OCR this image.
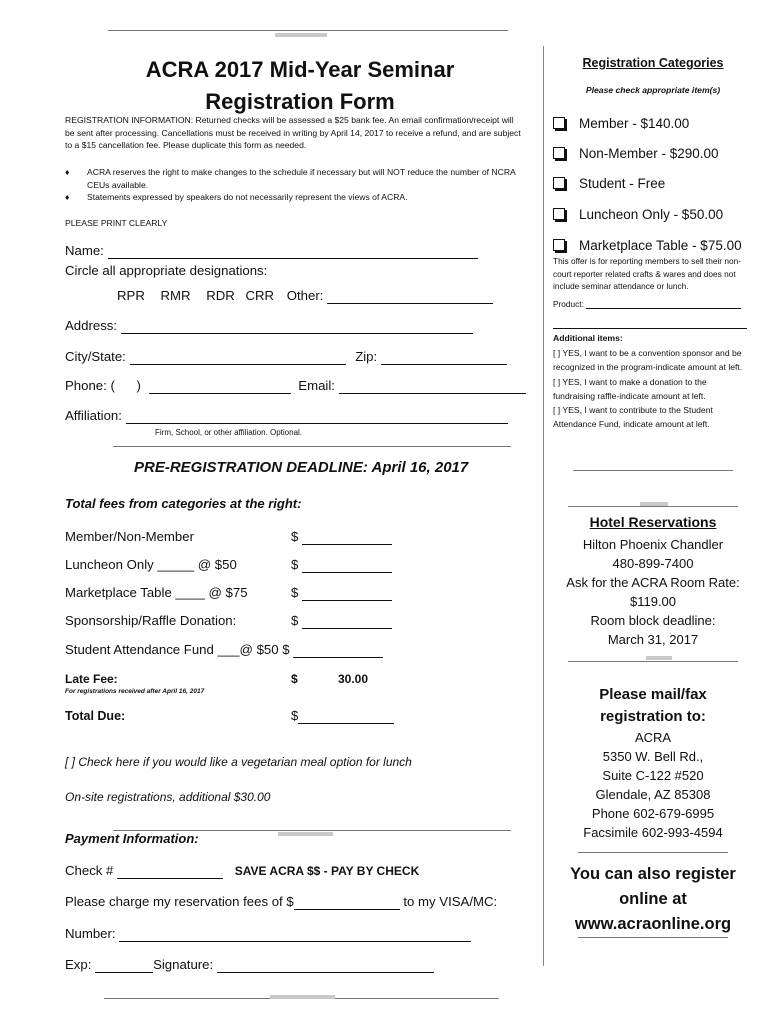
ACRA 2017 Mid-Year Seminar
Registration Form
REGISTRATION INFORMATION: Returned checks will be assessed a $25 bank fee. An email confirmation/receipt will be sent after processing. Cancellations must be received in writing by April 14, 2017 to receive a refund, and are subject to a $15 cancellation fee. Please duplicate this form as needed.
♦	ACRA reserves the right to make changes to the schedule if necessary but will NOT reduce the number of NCRA CEUs available.
♦	Statements expressed by speakers do not necessarily represent the views of ACRA.
PLEASE PRINT CLEARLY
Name:
Circle all appropriate designations:
RPR RMR RDR CRR Other:
Address:
City/State:	Zip:
Phone: ( )	Email:
Affiliation:
Firm, School, or other affiliation. Optional.
PRE-REGISTRATION DEADLINE: April 16, 2017
Total fees from categories at the right:
Member/Non-Member	$
Luncheon Only _____ @ $50	$
Marketplace Table ____ @ $75	$
Sponsorship/Raffle Donation:	$
Student Attendance Fund ___@ $50 $
Late Fee:	$	30.00
For registrations received after April 16, 2017
Total Due:	$
[ ] Check here if you would like a vegetarian meal option for lunch
On-site registrations, additional $30.00
Payment Information:
Check #	SAVE ACRA $$ - PAY BY CHECK
Please charge my reservation fees of $	to my VISA/MC:
Number:
Exp:	Signature:
Registration Categories
Please check appropriate item(s)
Member - $140.00
Non-Member - $290.00
Student - Free
Luncheon Only - $50.00
Marketplace Table - $75.00
This offer is for reporting members to sell their non-court reporter related crafts & wares and does not include seminar attendance or lunch.
Product:
Additional items:
[ ] YES, I want to be a convention sponsor and be recognized in the program-indicate amount at left.
[ ] YES, I want to make a donation to the fundraising raffle-indicate amount at left.
[ ] YES, I want to contribute to the Student Attendance Fund, indicate amount at left.
Hotel Reservations
Hilton Phoenix Chandler
480-899-7400
Ask for the ACRA Room Rate:
$119.00
Room block deadline:
March 31, 2017
Please mail/fax
registration to:
ACRA
5350 W. Bell Rd.,
Suite C-122 #520
Glendale, AZ 85308
Phone 602-679-6995
Facsimile 602-993-4594
You can also register
online at
www.acraonline.org
